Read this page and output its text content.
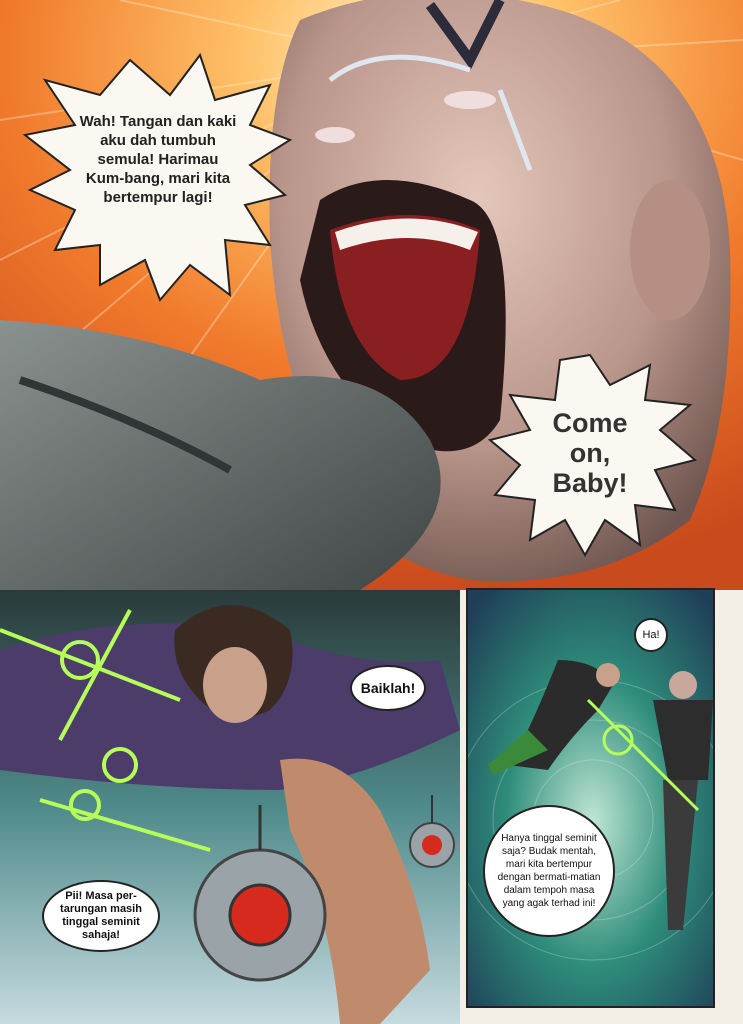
Wah! Tangan dan kaki aku dah tumbuh semula! Harimau Kum-bang, mari kita bertempur lagi!
Come on, Baby!
Baiklah!
Pii! Masa per-tarungan masih tinggal seminit sahaja!
Ha!
Hanya tinggal seminit saja? Budak mentah, mari kita bertempur dengan bermati-matian dalam tempoh masa yang agak terhad ini!
